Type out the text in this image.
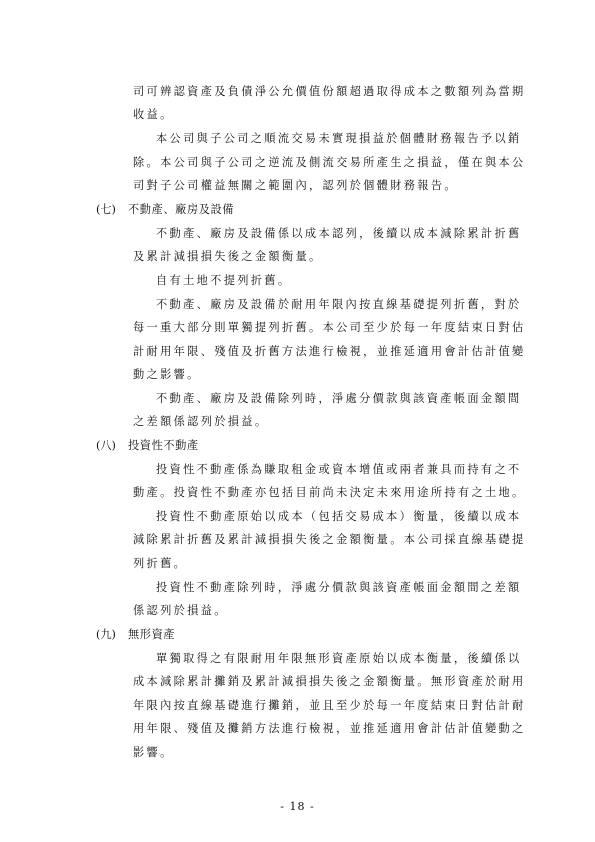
司可辨認資產及負債淨公允價值份額超過取得成本之數額列為當期
收益。
本公司與子公司之順流交易未實現損益於個體財務報告予以銷
除。本公司與子公司之逆流及側流交易所產生之損益，僅在與本公
司對子公司權益無關之範圍內，認列於個體財務報告。
(七) 不動產、廠房及設備
不動產、廠房及設備係以成本認列，後續以成本減除累計折舊
及累計減損損失後之金額衡量。
自有土地不提列折舊。
不動產、廠房及設備於耐用年限內按直線基礎提列折舊，對於
每一重大部分則單獨提列折舊。本公司至少於每一年度結束日對估
計耐用年限、殘值及折舊方法進行檢視，並推延適用會計估計值變
動之影響。
不動產、廠房及設備除列時，淨處分價款與該資產帳面金額間
之差額係認列於損益。
(八) 投資性不動產
投資性不動產係為賺取租金或資本增值或兩者兼具而持有之不
動產。投資性不動產亦包括目前尚未決定未來用途所持有之土地。
投資性不動產原始以成本（包括交易成本）衡量，後續以成本
減除累計折舊及累計減損損失後之金額衡量。本公司採直線基礎提
列折舊。
投資性不動產除列時，淨處分價款與該資產帳面金額間之差額
係認列於損益。
(九) 無形資產
單獨取得之有限耐用年限無形資產原始以成本衡量，後續係以
成本減除累計攤銷及累計減損損失後之金額衡量。無形資產於耐用
年限內按直線基礎進行攤銷，並且至少於每一年度結束日對估計耐
用年限、殘值及攤銷方法進行檢視，並推延適用會計估計值變動之
影響。
- 18 -
